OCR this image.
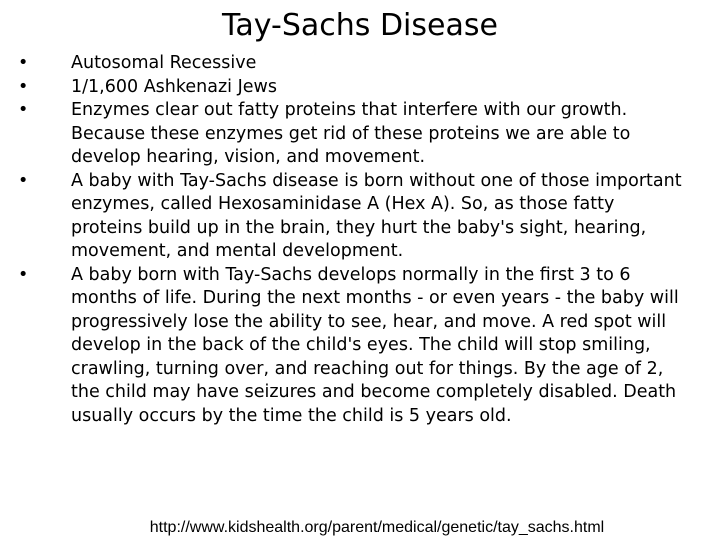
Tay-Sachs Disease
•	Autosomal Recessive
•	1/1,600 Ashkenazi Jews
•	Enzymes clear out fatty proteins that interfere with our growth. Because these enzymes get rid of these proteins we are able to develop hearing, vision, and movement.
•	A baby with Tay-Sachs disease is born without one of those important enzymes, called Hexosaminidase A (Hex A). So, as those fatty proteins build up in the brain, they hurt the baby's sight, hearing, movement, and mental development.
•	A baby born with Tay-Sachs develops normally in the first 3 to 6 months of life. During the next months - or even years - the baby will progressively lose the ability to see, hear, and move. A red spot will develop in the back of the child's eyes. The child will stop smiling, crawling, turning over, and reaching out for things. By the age of 2, the child may have seizures and become completely disabled. Death usually occurs by the time the child is 5 years old.
http://www.kidshealth.org/parent/medical/genetic/tay_sachs.html
